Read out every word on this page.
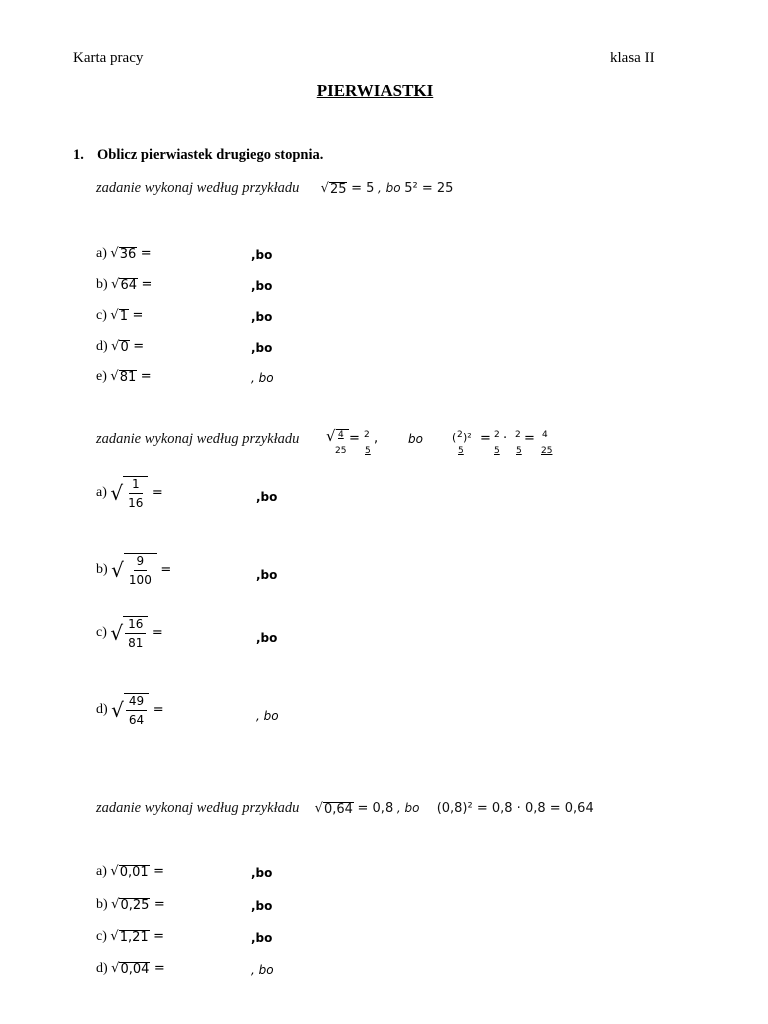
Karta pracy	klasa II
PIERWIASTKI
1. Oblicz pierwiastek drugiego stopnia.
zadanie wykonaj według przykładu √ 25 = 5 , bo 5² = 25
a) √ 36 =	,bo
b) √ 64 =	,bo
c) √ 1 =	,bo
d) √ 0 =	,bo
e) √ 81 =	, bo
zadanie wykonaj według przykładu √ 4
25
= 2
5
, bo	( 2
5
)² = 2
5
· 2
5
= 4
25
a) √ $\frac{1}{16}$ =	,bo
b) √ $\frac{9}{100}$ =	,bo
c) √ $\frac{16}{81}$ =	,bo
d) √ $\frac{49}{64}$ =	, bo
zadanie wykonaj według przykładu √ 0,64 = 0,8 , bo (0,8)² = 0,8 · 0,8 = 0,64
a) √ 0,01 =	,bo
b) √ 0,25 =	,bo
c) √ 1,21 =	,bo
d) √ 0,04 =	, bo
